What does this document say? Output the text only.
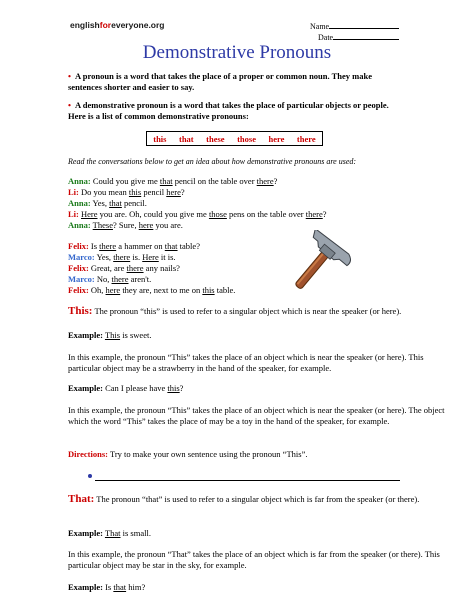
englishforeveryone.org	Name
Date
Demonstrative Pronouns
• A pronoun is a word that takes the place of a proper or common noun. They make sentences shorter and easier to say.
• A demonstrative pronoun is a word that takes the place of particular objects or people. Here is a list of common demonstrative pronouns:
this that these those here there
Read the conversations below to get an idea about how demonstrative pronouns are used:
Anna: Could you give me that pencil on the table over there?
Li: Do you mean this pencil here?
Anna: Yes, that pencil.
Li: Here you are. Oh, could you give me those pens on the table over there?
Anna: These? Sure, here you are.
Felix: Is there a hammer on that table?
Marco: Yes, there is. Here it is.
Felix: Great, are there any nails?
Marco: No, there aren't.
Felix: Oh, here they are, next to me on this table.
This: The pronoun “this” is used to refer to a singular object which is near the speaker (or here).
Example: This is sweet.
In this example, the pronoun “This” takes the place of an object which is near the speaker (or here). This particular object may be a strawberry in the hand of the speaker, for example.
Example: Can I please have this?
In this example, the pronoun “This” takes the place of an object which is near the speaker (or here). The object which the word “This” takes the place of may be a toy in the hand of the speaker, for example.
Directions: Try to make your own sentence using the pronoun “This”.
That: The pronoun “that” is used to refer to a singular object which is far from the speaker (or there).
Example: That is small.
In this example, the pronoun “That” takes the place of an object which is far from the speaker (or there). This particular object may be star in the sky, for example.
Example: Is that him?
